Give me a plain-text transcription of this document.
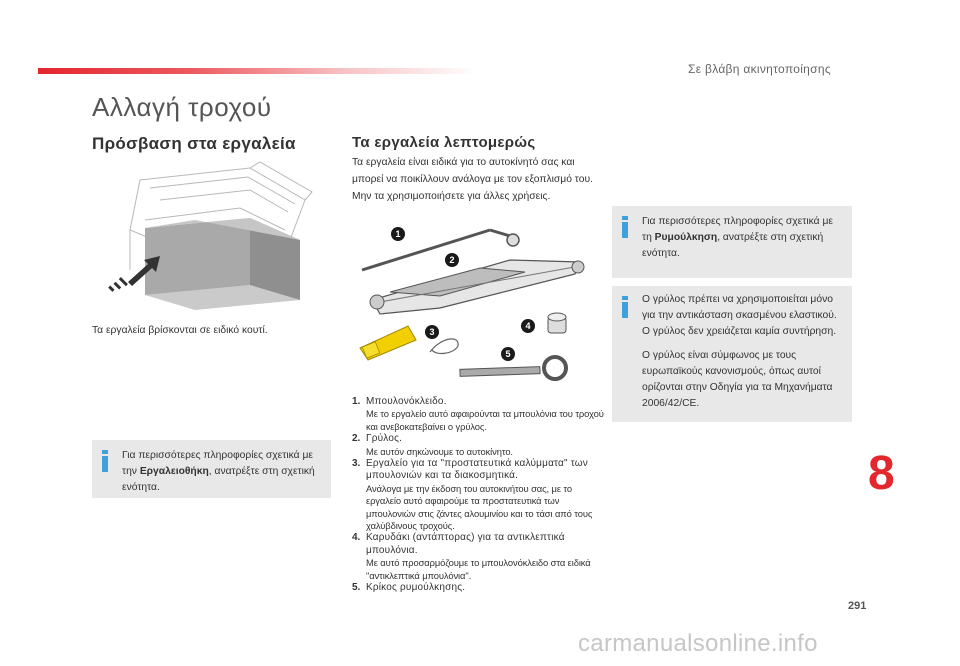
Σε βλάβη ακινητοποίησης
Αλλαγή τροχού
Πρόσβαση στα εργαλεία	Τα εργαλεία λεπτομερώς

Τα εργαλεία είναι ειδικά για το αυτοκίνητό σας και μπορεί να ποικίλλουν ανάλογα με τον εξοπλισμό του. Μην τα χρησιμοποιήσετε για άλλες χρήσεις.

Τα εργαλεία βρίσκονται σε ειδικό κουτί.
1
2
3
4
5
Για περισσότερες πληροφορίες σχετικά με την Εργαλειοθήκη, ανατρέξτε στη σχετική ενότητα.
1. Μπουλονόκλειδο.
Με το εργαλείο αυτό αφαιρούνται τα μπουλόνια του τροχού και ανεβοκατεβαίνει ο γρύλος.
2. Γρύλος.
Με αυτόν σηκώνουμε το αυτοκίνητο.
3. Εργαλείο για τα "προστατευτικά καλύμματα" των μπουλονιών και τα διακοσμητικά.
Ανάλογα με την έκδοση του αυτοκινήτου σας, με το εργαλείο αυτό αφαιρούμε τα προστατευτικά των μπουλονιών στις ζάντες αλουμινίου και το τάσι από τους χαλύβδινους τροχούς.
4. Καρυδάκι (αντάπτορας) για τα αντικλεπτικά μπουλόνια.
Με αυτό προσαρμόζουμε το μπουλονόκλειδο στα ειδικά "αντικλεπτικά μπουλόνια".
5. Κρίκος ρυμούλκησης.
Για περισσότερες πληροφορίες σχετικά με τη Ρυμούλκηση, ανατρέξτε στη σχετική ενότητα.

Ο γρύλος πρέπει να χρησιμοποιείται μόνο για την αντικάσταση σκασμένου ελαστικού.

Ο γρύλος δεν χρειάζεται καμία συντήρηση.

Ο γρύλος είναι σύμφωνος με τους ευρωπαϊκούς κανονισμούς, όπως αυτοί ορίζονται στην Οδηγία για τα Μηχανήματα 2006/42/CE.

8
291
carmanualsonline.info
